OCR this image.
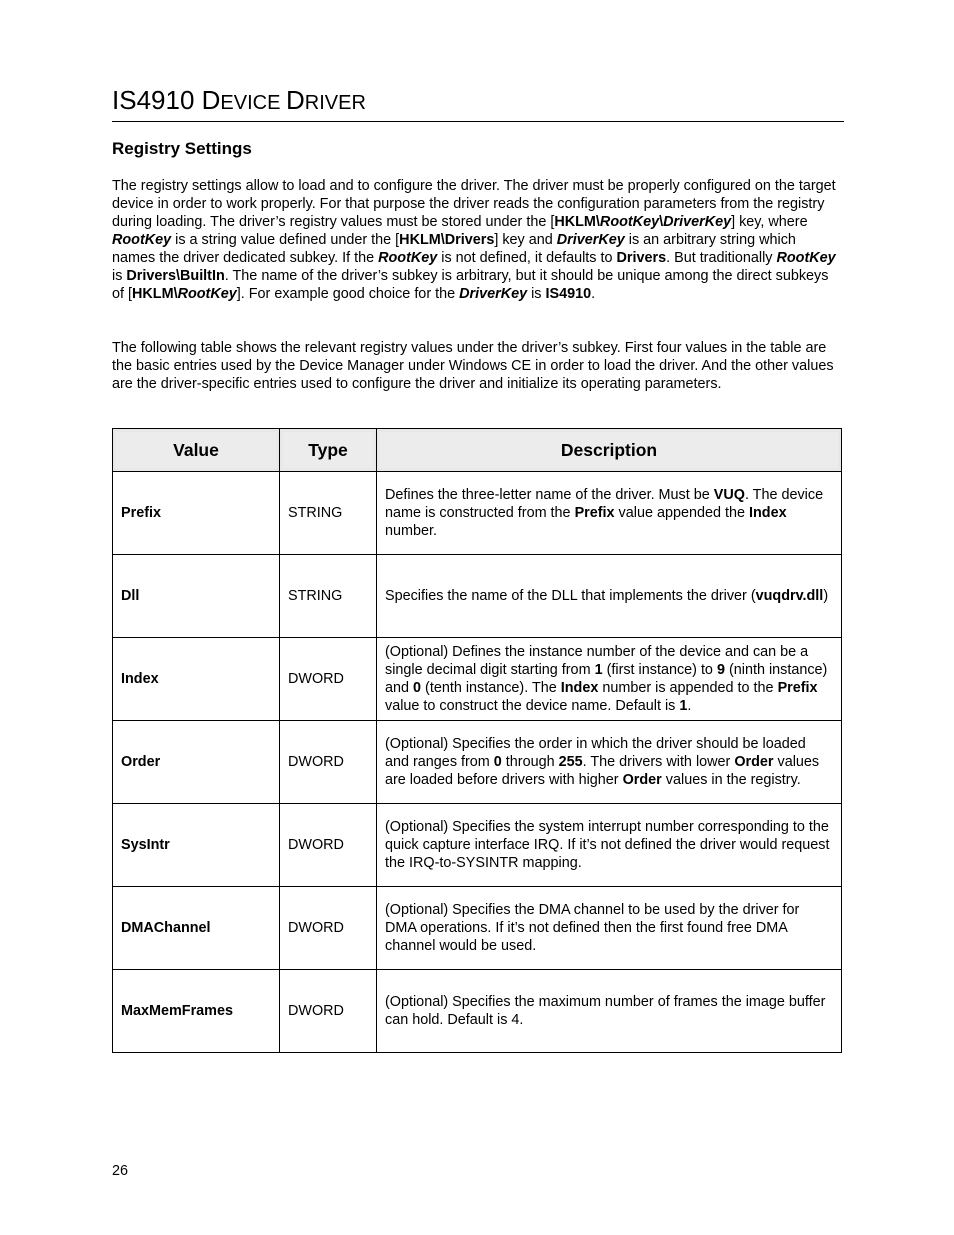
IS4910 DEVICE DRIVER
Registry Settings

The registry settings allow to load and to configure the driver. The driver must be properly configured on the target device in order to work properly. For that purpose the driver reads the configuration parameters from the registry during loading. The driver’s registry values must be stored under the [HKLM\RootKey\DriverKey] key, where RootKey is a string value defined under the [HKLM\Drivers] key and DriverKey is an arbitrary string which names the driver dedicated subkey. If the RootKey is not defined, it defaults to Drivers. But traditionally RootKey is Drivers\BuiltIn. The name of the driver’s subkey is arbitrary, but it should be unique among the direct subkeys of [HKLM\RootKey]. For example good choice for the DriverKey is IS4910.

The following table shows the relevant registry values under the driver’s subkey. First four values in the table are the basic entries used by the Device Manager under Windows CE in order to load the driver. And the other values are the driver-specific entries used to configure the driver and initialize its operating parameters.

Value	Type	Description

Prefix	STRING	Defines the three-letter name of the driver. Must be VUQ. The device name is constructed from the Prefix value appended the Index number.
Dll	STRING	Specifies the name of the DLL that implements the driver (vuqdrv.dll)
Index	DWORD	(Optional) Defines the instance number of the device and can be a single decimal digit starting from 1 (first instance) to 9 (ninth instance) and 0 (tenth instance). The Index number is appended to the Prefix value to construct the device name. Default is 1.
Order	DWORD	(Optional) Specifies the order in which the driver should be loaded and ranges from 0 through 255. The drivers with lower Order values are loaded before drivers with higher Order values in the registry.
SysIntr	DWORD	(Optional) Specifies the system interrupt number corresponding to the quick capture interface IRQ. If it’s not defined the driver would request the IRQ-to-SYSINTR mapping.
DMAChannel	DWORD	(Optional) Specifies the DMA channel to be used by the driver for DMA operations. If it’s not defined then the first found free DMA channel would be used.
MaxMemFrames	DWORD	(Optional) Specifies the maximum number of frames the image buffer can hold. Default is 4.
26
